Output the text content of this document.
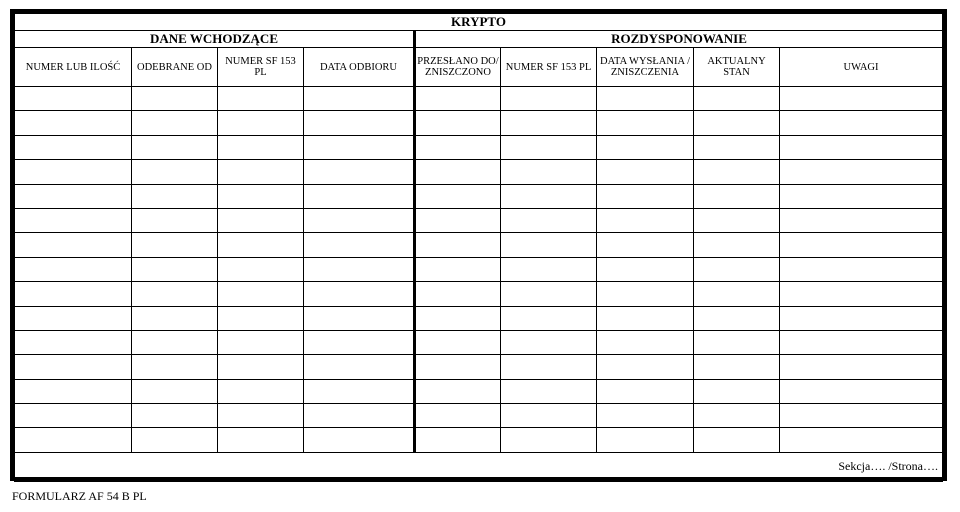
KRYPTO								
DANE WCHODZĄCE				ROZDYSPONOWANIE				
NUMER LUB ILOŚĆ	ODEBRANE OD	NUMER SF 153 PL	DATA ODBIORU	PRZESŁANO DO/ ZNISZCZONO	NUMER SF 153 PL	DATA WYSŁANIA / ZNISZCZENIA	AKTUALNY STAN	UWAGI

Sekcja…. /Strona….								
FORMULARZ AF 54 B PL
